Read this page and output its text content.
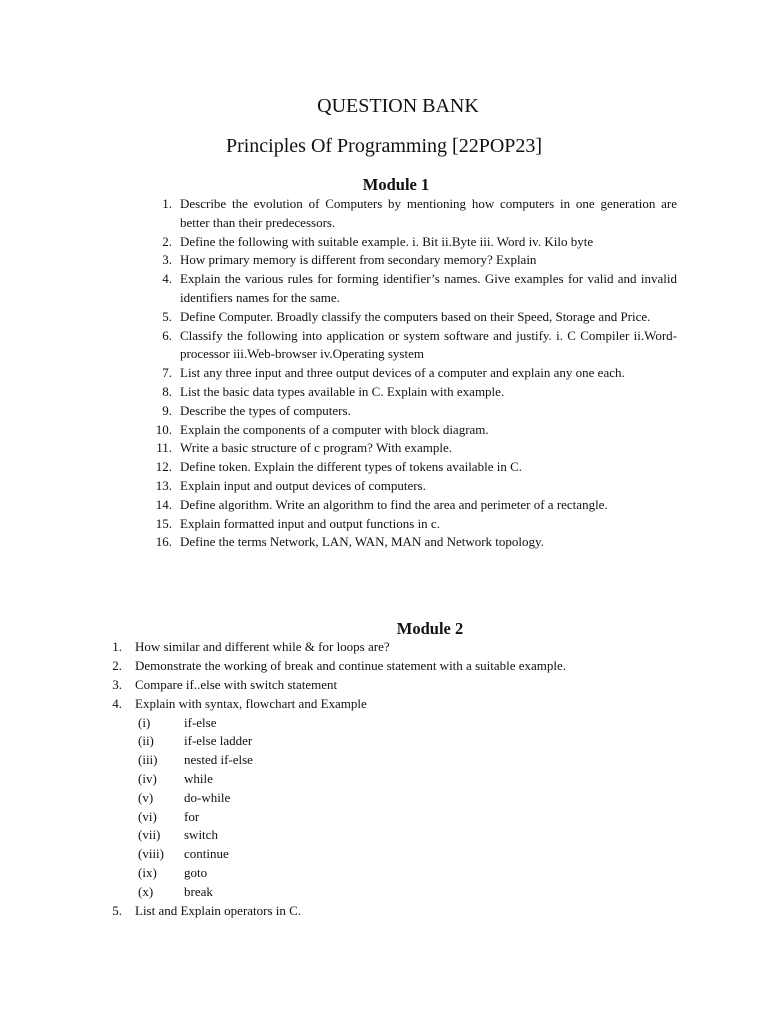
QUESTION BANK
Principles Of Programming [22POP23]
Module 1
1. Describe the evolution of Computers by mentioning how computers in one generation are better than their predecessors.
2. Define the following with suitable example. i. Bit ii.Byte iii. Word iv. Kilo byte
3. How primary memory is different from secondary memory? Explain
4. Explain the various rules for forming identifier’s names. Give examples for valid and invalid identifiers names for the same.
5. Define Computer. Broadly classify the computers based on their Speed, Storage and Price.
6. Classify the following into application or system software and justify. i. C Compiler ii.Word-processor iii.Web-browser iv.Operating system
7. List any three input and three output devices of a computer and explain any one each.
8. List the basic data types available in C. Explain with example.
9. Describe the types of computers.
10. Explain the components of a computer with block diagram.
11. Write a basic structure of c program? With example.
12. Define token. Explain the different types of tokens available in C.
13. Explain input and output devices of computers.
14. Define algorithm. Write an algorithm to find the area and perimeter of a rectangle.
15. Explain formatted input and output functions in c.
16. Define the terms Network, LAN, WAN, MAN and Network topology.
Module 2
1. How similar and different while & for loops are?
2. Demonstrate the working of break and continue statement with a suitable example.
3. Compare if..else with switch statement
4. Explain with syntax, flowchart and Example
(i)	if-else
(ii) if-else ladder
(iii) nested if-else
(iv) while
(v) do-while
(vi) for
(vii) switch
(viii) continue
(ix) goto
(x) break
5. List and Explain operators in C.
